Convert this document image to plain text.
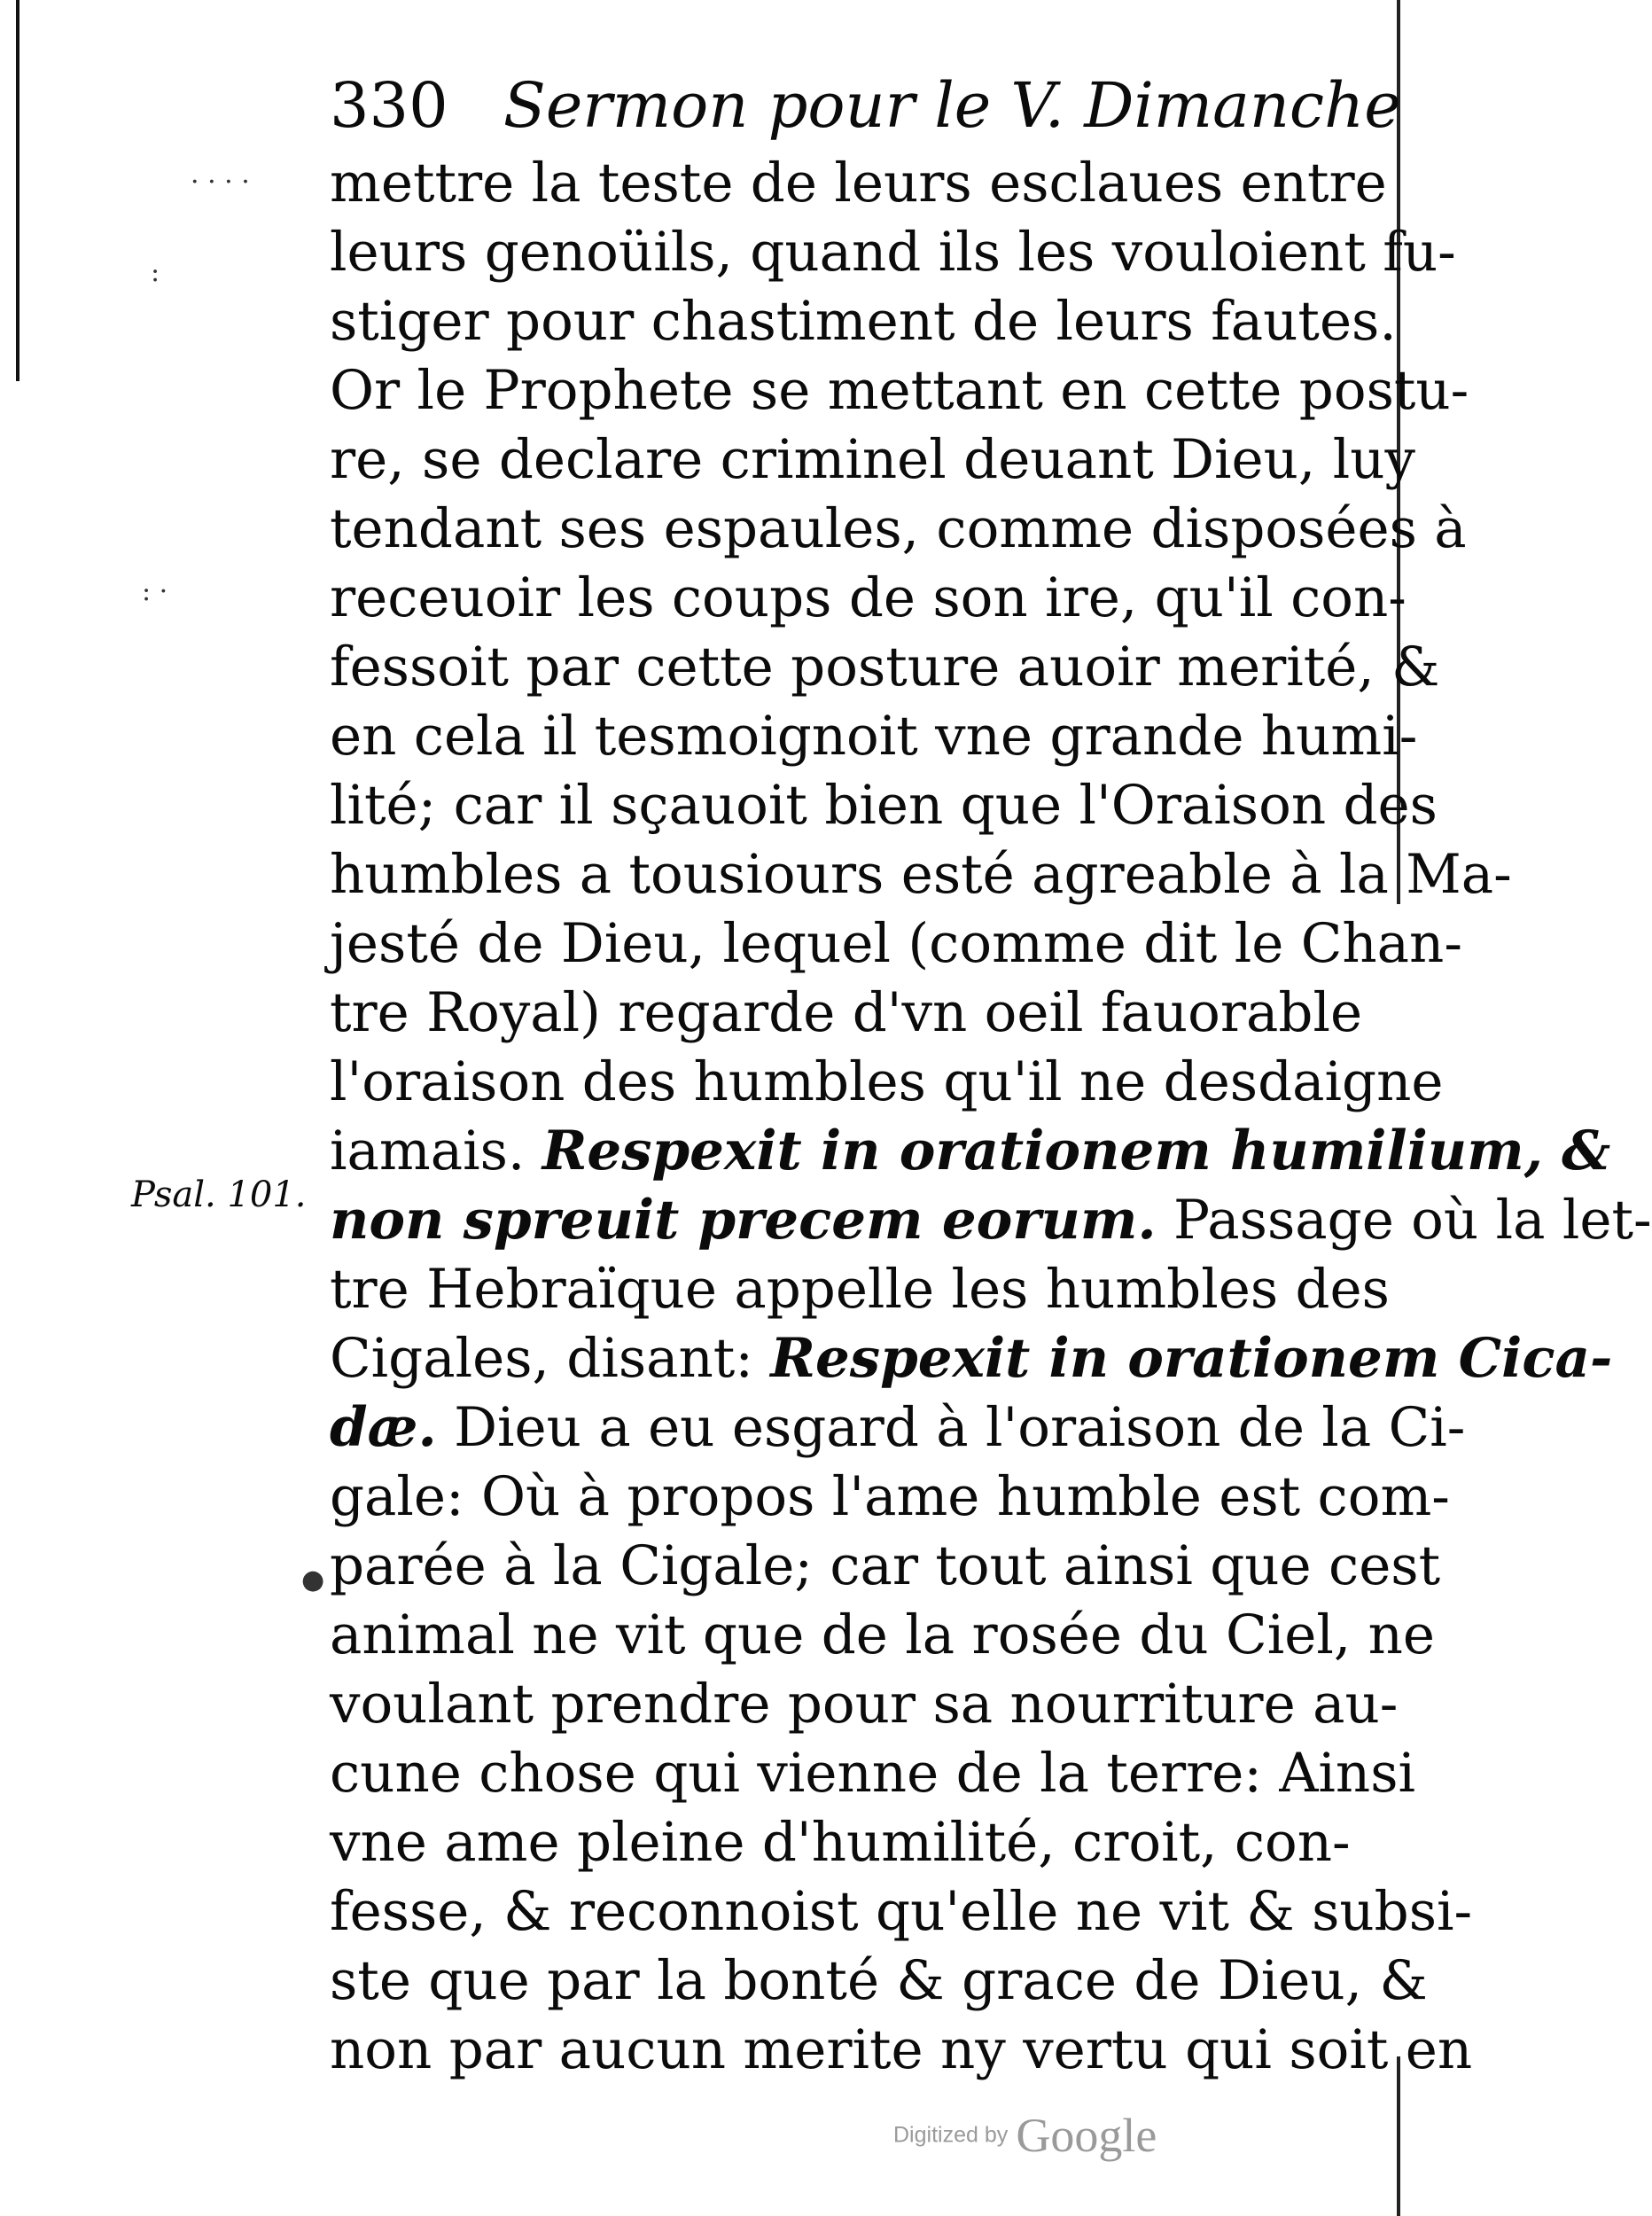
330 Sermon pour le V. Dimanche
Psal. 101.
mettre la teste de leurs esclaues entre
leurs genoüils, quand ils les vouloient fu-
stiger pour chastiment de leurs fautes.
Or le Prophete se mettant en cette postu-
re, se declare criminel deuant Dieu, luy
tendant ses espaules, comme disposées à
receuoir les coups de son ire, qu'il con-
fessoit par cette posture auoir merité, &
en cela il tesmoignoit vne grande humi-
lité; car il sçauoit bien que l'Oraison des
humbles a tousiours esté agreable à la Ma-
jesté de Dieu, lequel (comme dit le Chan-
tre Royal) regarde d'vn oeil fauorable
l'oraison des humbles qu'il ne desdaigne
iamais. Respexit in orationem humilium, &
non spreuit precem eorum. Passage où la let-
tre Hebraïque appelle les humbles des
Cigales, disant: Respexit in orationem Cica-
dæ. Dieu a eu esgard à l'oraison de la Ci-
gale: Où à propos l'ame humble est com-
parée à la Cigale; car tout ainsi que cest
animal ne vit que de la rosée du Ciel, ne
voulant prendre pour sa nourriture au-
cune chose qui vienne de la terre: Ainsi
vne ame pleine d'humilité, croit, con-
fesse, & reconnoist qu'elle ne vit & subsi-
ste que par la bonté & grace de Dieu, &
non par aucun merite ny vertu qui soit en
· · · ·
:
: ·
●
Digitized by Google
